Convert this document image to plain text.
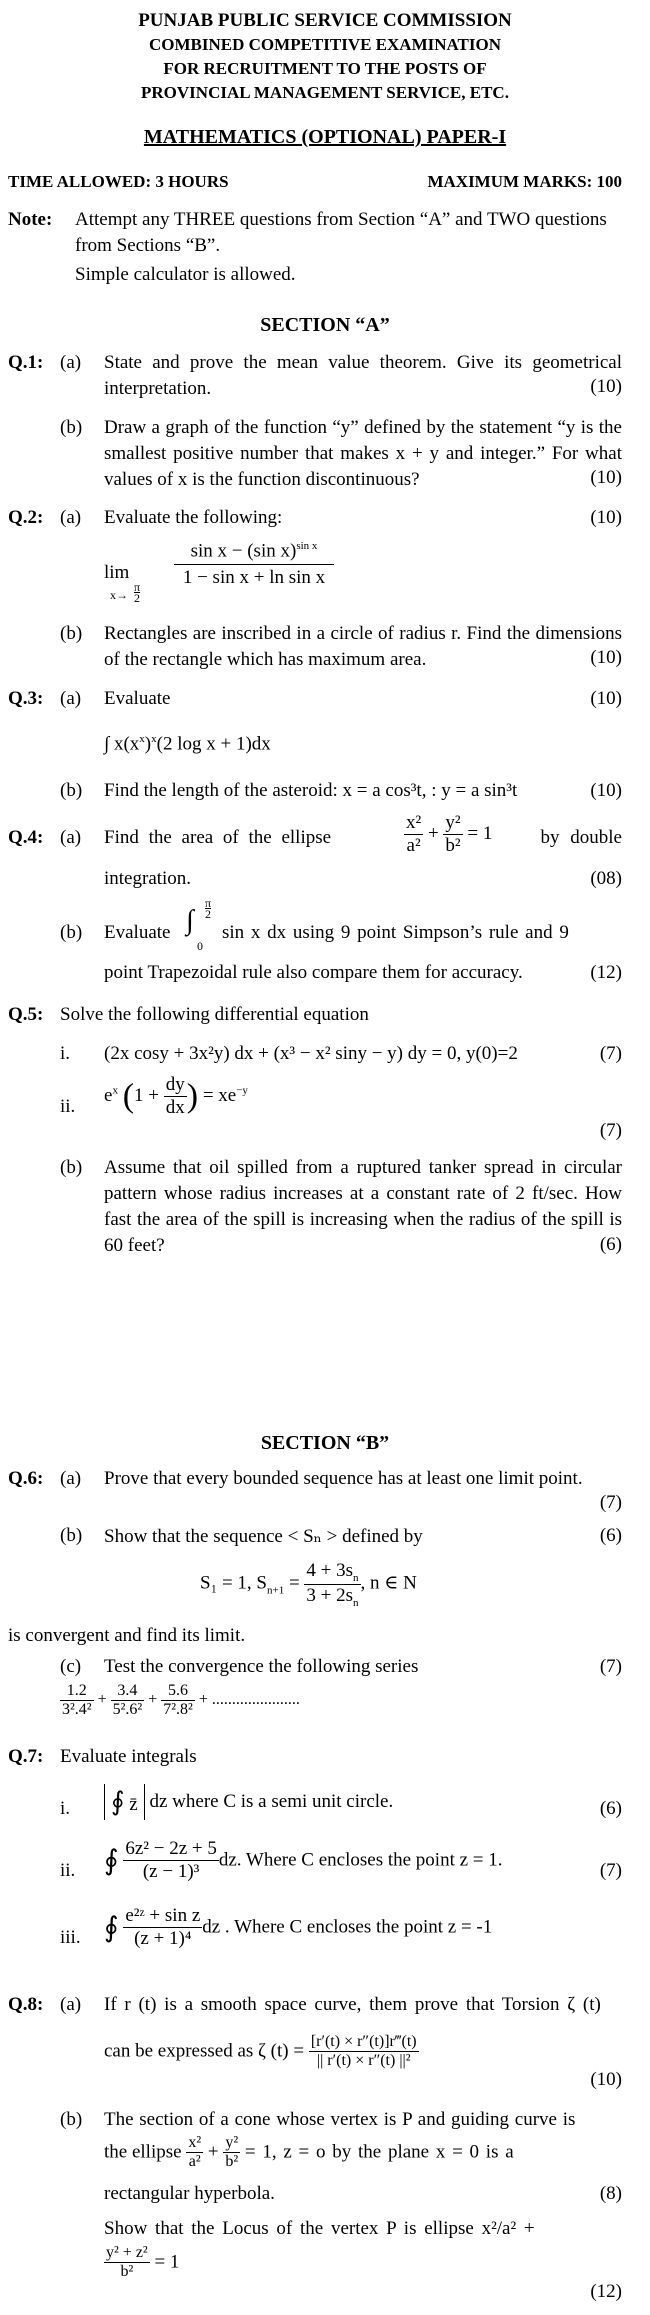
PUNJAB PUBLIC SERVICE COMMISSION
COMBINED COMPETITIVE EXAMINATION
FOR RECRUITMENT TO THE POSTS OF
PROVINCIAL MANAGEMENT SERVICE, ETC.
MATHEMATICS (OPTIONAL) PAPER-I
TIME ALLOWED: 3 HOURS	MAXIMUM MARKS: 100
Note: Attempt any THREE questions from Section “A” and TWO questions from Sections “B”.
Simple calculator is allowed.
SECTION “A”
Q.1: (a) State and prove the mean value theorem. Give its geometrical interpretation.	(10)
(b) Draw a graph of the function “y” defined by the statement “y is the smallest positive number that makes x + y and integer.” For what values of x is the function discontinuous?	(10)
Q.2: (a) Evaluate the following:	(10)
lim
x→
π
2
$\frac{\sin x - (\sin x)^{sin x}}{\text{1 − sin x + ln sin x}}$
(b) Rectangles are inscribed in a circle of radius r. Find the dimensions of the rectangle which has maximum area.	(10)
Q.3: (a) Evaluate	(10)
∫ $x(x^x)^x(2$ log x + 1)dx
(b) Find the length of the asteroid: x = a cos³t, : y = a sin³t	(10)
Q.4: (a) Find the area of the ellipse	$\frac{\text{x²}}{\text{a²}} + \frac{\text{y²}}{\text{b²}} = 1$	by double
integration.	(08)
(b) Evaluate ∫
π
2
0
sin x dx using 9 point Simpson’s rule and 9
point Trapezoidal rule also compare them for accuracy.	(12)
Q.5: Solve the following differential equation
i. (2x cosy + 3x²y) dx + (x³ − x² siny − y) dy = 0, y(0)=2	(7)
ii.
$e^x$ ($1 + \frac{dy}{dx}$ ) = $xe^{-y}$
(7)
(b) Assume that oil spilled from a ruptured tanker spread in circular pattern whose radius increases at a constant rate of 2 ft/sec. How fast the area of the spill is increasing when the radius of the spill is 60 feet?	(6)
SECTION “B”
Q.6: (a) Prove that every bounded sequence has at least one limit point.
(7)
(b) Show that the sequence < Sₙ > defined by	(6)
S₁ = 1, $S_{n+1} = \frac{4 + 3s_n}{3 + 2s_n}$ , n ∈ N
is convergent and find its limit.
(c) Test the convergence the following series	(7)
$\frac{1.2}{\text{3².4²}} + \frac{3.4}{\text{5².6²}} + \frac{5.6}{\text{7².8²}}$ + ......................
Q.7: Evaluate integrals
i. ∮ z̄ dz where C is a semi unit circle.	(6)
ii. ∮ $\frac{\text{6z² − 2z + 5}}{\text{(z − 1)³}}$ dz. Where C encloses the point z = 1.	(7)
iii. ∮ $\frac{\text{e²ᶻ + sin z}}{\text{(z + 1)⁴}}$ dz . Where C encloses the point z = -1
Q.8: (a) If r (t) is a smooth space curve, them prove that Torsion ζ (t)
can be expressed as ζ $(t) = \frac{[r'(t) \times r''(t)]r‴(t)}{\text{|| r′(t) × r″(t) ||²}}$
(10)
(b) The section of a cone whose vertex is P and guiding curve is
the ellipse $\frac{\text{x²}}{\text{a²}} + \frac{\text{y²}}{\text{b²}} = 1$, z = o by the plane x = 0 is a
rectangular hyperbola.	(8)
Show that the Locus of the vertex P is ellipse x²/a² +
$\frac{\text{y² + z²}}{\text{b²}} = 1$
(12)
